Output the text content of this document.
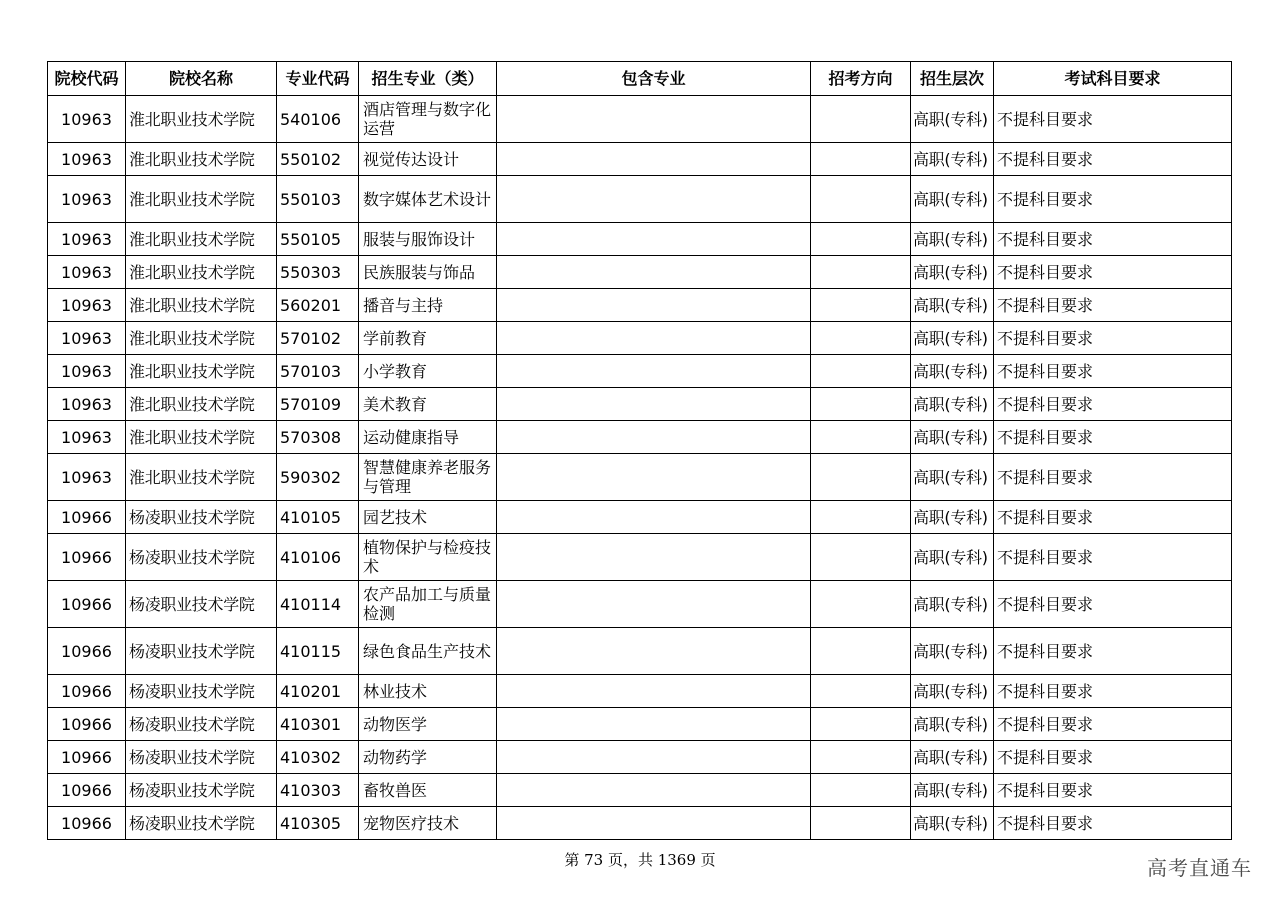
院校代码	院校名称	专业代码	招生专业（类）	包含专业	招考方向	招生层次	考试科目要求
10963	淮北职业技术学院	540106	酒店管理与数字化运营			高职(专科)	不提科目要求
10963	淮北职业技术学院	550102	视觉传达设计			高职(专科)	不提科目要求
10963	淮北职业技术学院	550103	数字媒体艺术设计			高职(专科)	不提科目要求
10963	淮北职业技术学院	550105	服装与服饰设计			高职(专科)	不提科目要求
10963	淮北职业技术学院	550303	民族服装与饰品			高职(专科)	不提科目要求
10963	淮北职业技术学院	560201	播音与主持			高职(专科)	不提科目要求
10963	淮北职业技术学院	570102	学前教育			高职(专科)	不提科目要求
10963	淮北职业技术学院	570103	小学教育			高职(专科)	不提科目要求
10963	淮北职业技术学院	570109	美术教育			高职(专科)	不提科目要求
10963	淮北职业技术学院	570308	运动健康指导			高职(专科)	不提科目要求
10963	淮北职业技术学院	590302	智慧健康养老服务与管理			高职(专科)	不提科目要求
10966	杨凌职业技术学院	410105	园艺技术			高职(专科)	不提科目要求
10966	杨凌职业技术学院	410106	植物保护与检疫技术			高职(专科)	不提科目要求
10966	杨凌职业技术学院	410114	农产品加工与质量检测			高职(专科)	不提科目要求
10966	杨凌职业技术学院	410115	绿色食品生产技术			高职(专科)	不提科目要求
10966	杨凌职业技术学院	410201	林业技术			高职(专科)	不提科目要求
10966	杨凌职业技术学院	410301	动物医学			高职(专科)	不提科目要求
10966	杨凌职业技术学院	410302	动物药学			高职(专科)	不提科目要求
10966	杨凌职业技术学院	410303	畜牧兽医			高职(专科)	不提科目要求
10966	杨凌职业技术学院	410305	宠物医疗技术			高职(专科)	不提科目要求
第 73 页，共 1369 页	高考直通车
